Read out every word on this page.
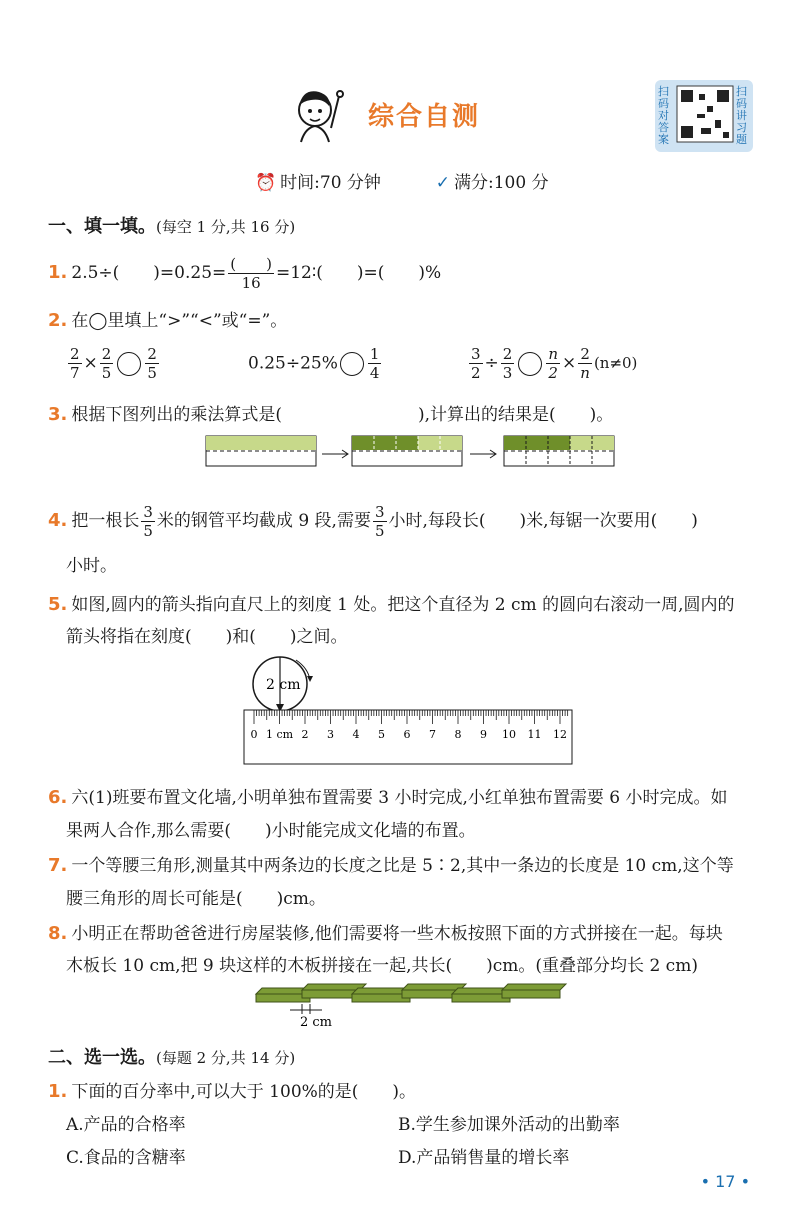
综合自测
扫码对答案
扫码讲习题
⏰ 时间:70 分钟	✓ 满分:100 分
一、填一填。(每空 1 分,共 16 分)
1. 2.5÷(　　)$=0.25= \frac{( )}{16}$ =12∶(　　)=(　　)%
2. 在◯里填上“>”“<”或“=”。
$\frac{2}{7} \times \frac{2}{5} \frac{2}{5}$	$0.25\div 25\% \frac{1}{4}$	$\frac{3}{2} \div \frac{2}{3} \frac{n}{2} \times \frac{2}{n} (n\ne 0)$
3. 根据下图列出的乘法算式是(　　　　　　　　),计算出的结果是(　　)。
4. 把一根长 $\frac{3}{5}$ 米的钢管平均截成 9 段,需要 $\frac{3}{5}$ 小时,每段长(　　)米,每锯一次要用(　　)
小时。
5. 如图,圆内的箭头指向直尺上的刻度 1 处。把这个直径为 2 cm 的圆向右滚动一周,圆内的
箭头将指在刻度(　　)和(　　)之间。
2 cm
0 1 cm 2 3 4 5 6 7 8 9 10 11 12
6. 六(1)班要布置文化墙,小明单独布置需要 3 小时完成,小红单独布置需要 6 小时完成。如
果两人合作,那么需要(　　)小时能完成文化墙的布置。
7. 一个等腰三角形,测量其中两条边的长度之比是 5∶2,其中一条边的长度是 10 cm,这个等
腰三角形的周长可能是(　　)cm。
8. 小明正在帮助爸爸进行房屋装修,他们需要将一些木板按照下面的方式拼接在一起。每块
木板长 10 cm,把 9 块这样的木板拼接在一起,共长(　　)cm。(重叠部分均长 2 cm)
2 cm
二、选一选。(每题 2 分,共 14 分)
1. 下面的百分率中,可以大于 100%的是(　　)。
A.产品的合格率	B.学生参加课外活动的出勤率
C.食品的含糖率	D.产品销售量的增长率
• 17 •
